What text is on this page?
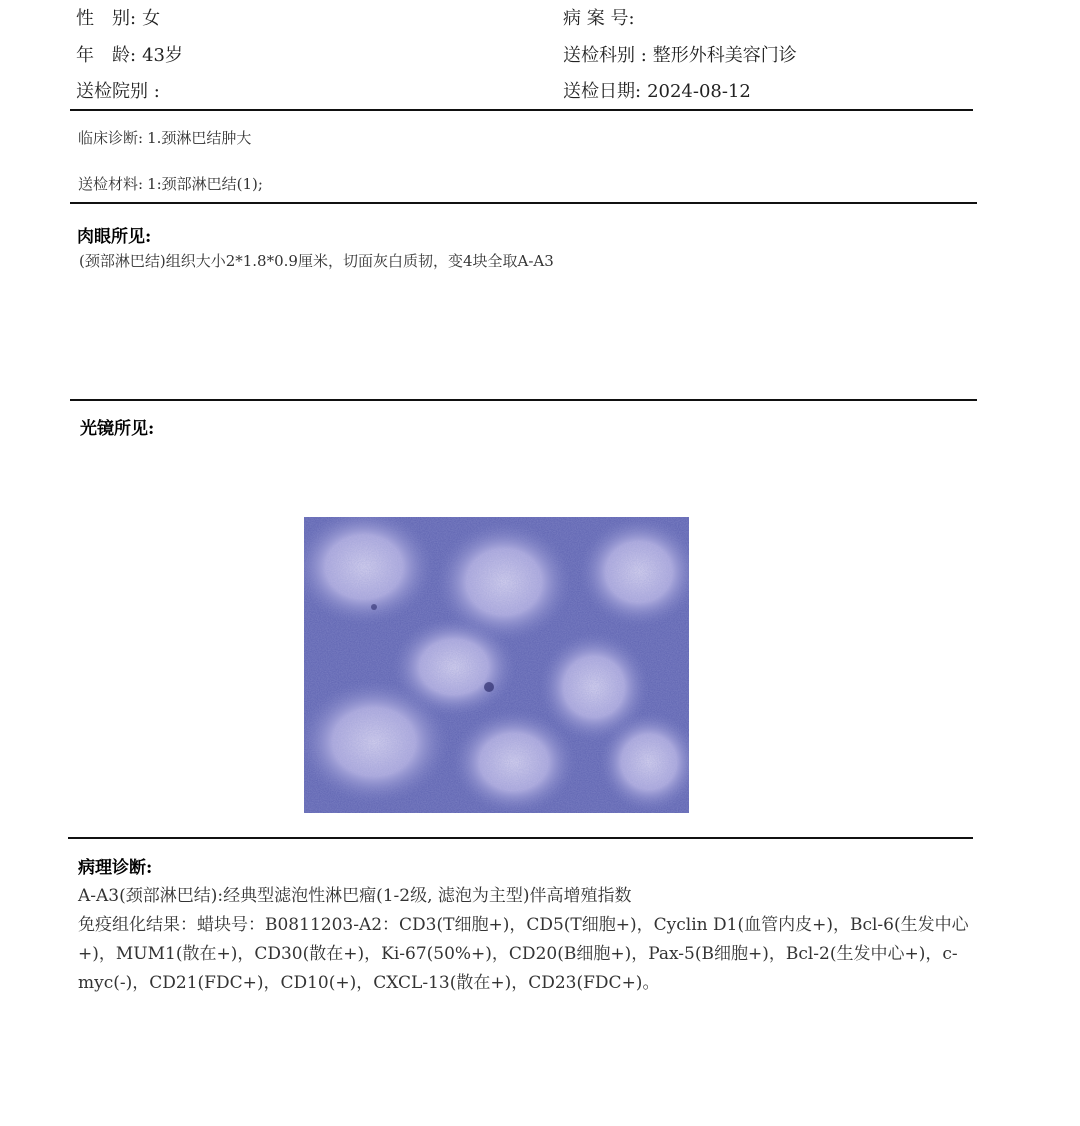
性　别: 女
年　龄: 43岁
送检院别 :
病 案 号:
送检科别 : 整形外科美容门诊
送检日期: 2024-08-12
临床诊断: 1.颈淋巴结肿大
送检材料: 1:颈部淋巴结(1);
肉眼所见:
(颈部淋巴结)组织大小2*1.8*0.9厘米，切面灰白质韧，变4块全取A-A3
光镜所见:
病理诊断:
A-A3(颈部淋巴结):经典型滤泡性淋巴瘤(1-2级, 滤泡为主型)伴高增殖指数
免疫组化结果：蜡块号：B0811203-A2：CD3(T细胞+)，CD5(T细胞+)，Cyclin D1(血管内皮+)，Bcl-6(生发中心+)，MUM1(散在+)，CD30(散在+)，Ki-67(50%+)，CD20(B细胞+)，Pax-5(B细胞+)，Bcl-2(生发中心+)，c-myc(-)，CD21(FDC+)，CD10(+)，CXCL-13(散在+)，CD23(FDC+)。
